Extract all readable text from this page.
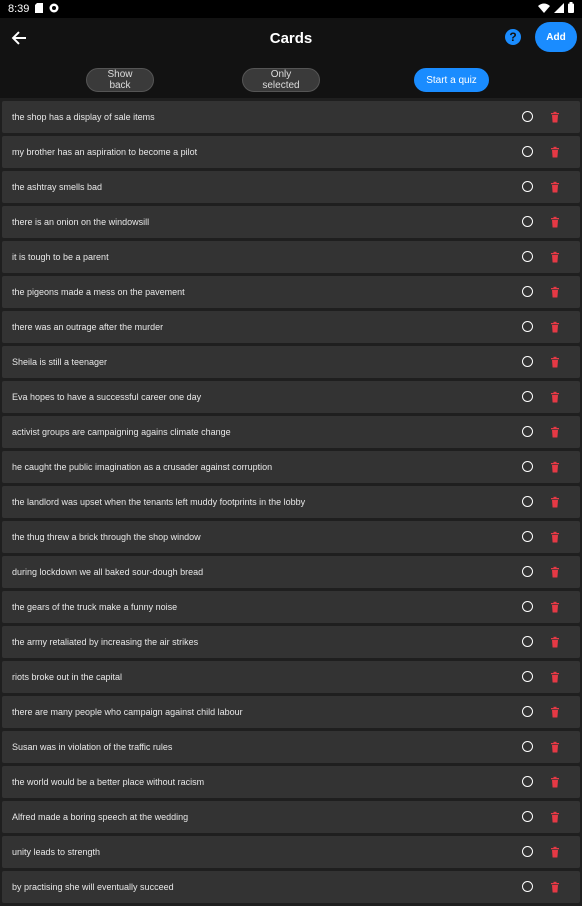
8:39
Cards	?	Add
Show back
Only selected	Start a quiz
the shop has a display of sale items
my brother has an aspiration to become a pilot
the ashtray smells bad
there is an onion on the windowsill
it is tough to be a parent
the pigeons made a mess on the pavement
there was an outrage after the murder
Sheila is still a teenager
Eva hopes to have a successful career one day
activist groups are campaigning agains climate change
he caught the public imagination as a crusader against corruption
the landlord was upset when the tenants left muddy footprints in the lobby
the thug threw a brick through the shop window
during lockdown we all baked sour-dough bread
the gears of the truck make a funny noise
the army retaliated by increasing the air strikes
riots broke out in the capital
there are many people who campaign against child labour
Susan was in violation of the traffic rules
the world would be a better place without racism
Alfred made a boring speech at the wedding
unity leads to strength
by practising she will eventually succeed
